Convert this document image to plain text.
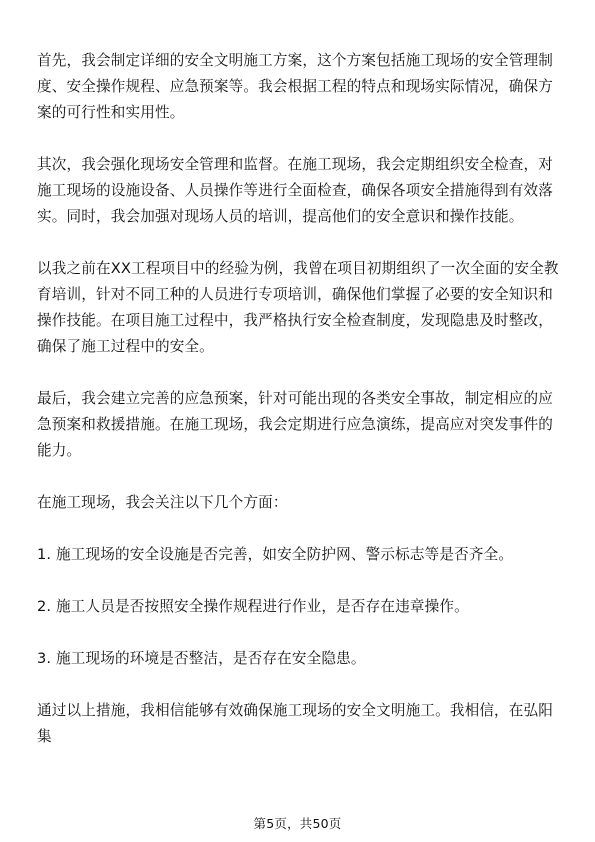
首先，我会制定详细的安全文明施工方案，这个方案包括施工现场的安全管理制度、安全操作规程、应急预案等。我会根据工程的特点和现场实际情况，确保方案的可行性和实用性。

其次，我会强化现场安全管理和监督。在施工现场，我会定期组织安全检查，对施工现场的设施设备、人员操作等进行全面检查，确保各项安全措施得到有效落实。同时，我会加强对现场人员的培训，提高他们的安全意识和操作技能。

以我之前在XX工程项目中的经验为例，我曾在项目初期组织了一次全面的安全教育培训，针对不同工种的人员进行专项培训，确保他们掌握了必要的安全知识和操作技能。在项目施工过程中，我严格执行安全检查制度，发现隐患及时整改，确保了施工过程中的安全。

最后，我会建立完善的应急预案，针对可能出现的各类安全事故，制定相应的应急预案和救援措施。在施工现场，我会定期进行应急演练，提高应对突发事件的能力。

在施工现场，我会关注以下几个方面：

1. 施工现场的安全设施是否完善，如安全防护网、警示标志等是否齐全。

2. 施工人员是否按照安全操作规程进行作业，是否存在违章操作。

3. 施工现场的环境是否整洁，是否存在安全隐患。

通过以上措施，我相信能够有效确保施工现场的安全文明施工。我相信，在弘阳集

第5页，共50页
